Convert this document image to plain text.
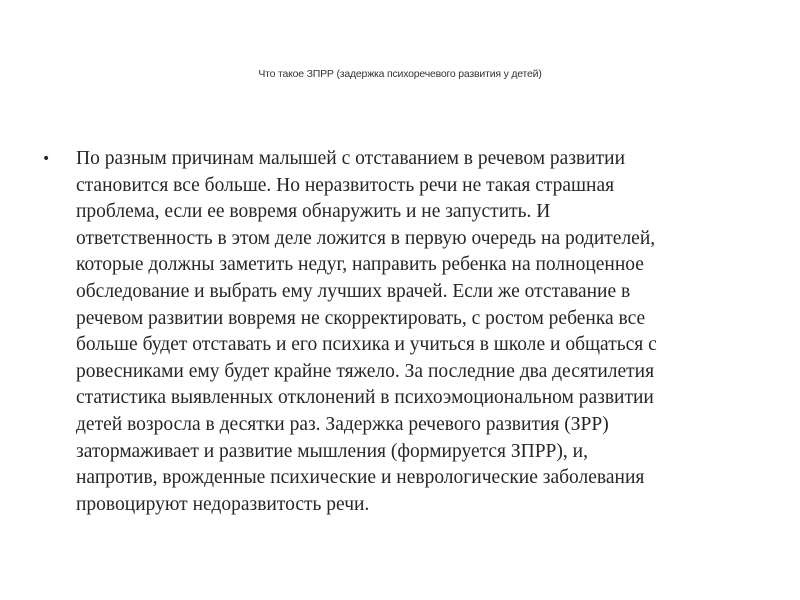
Что такое ЗПРР (задержка психоречевого развития у детей)
• По разным причинам малышей с отставанием в речевом развитии
становится все больше. Но неразвитость речи не такая страшная
проблема, если ее вовремя обнаружить и не запустить. И
ответственность в этом деле ложится в первую очередь на родителей,
которые должны заметить недуг, направить ребенка на полноценное
обследование и выбрать ему лучших врачей. Если же отставание в
речевом развитии вовремя не скорректировать, с ростом ребенка все
больше будет отставать и его психика и учиться в школе и общаться с
ровесниками ему будет крайне тяжело. За последние два десятилетия
статистика выявленных отклонений в психоэмоциональном развитии
детей возросла в десятки раз. Задержка речевого развития (ЗРР)
затормаживает и развитие мышления (формируется ЗПРР), и,
напротив, врожденные психические и неврологические заболевания
провоцируют недоразвитость речи.
